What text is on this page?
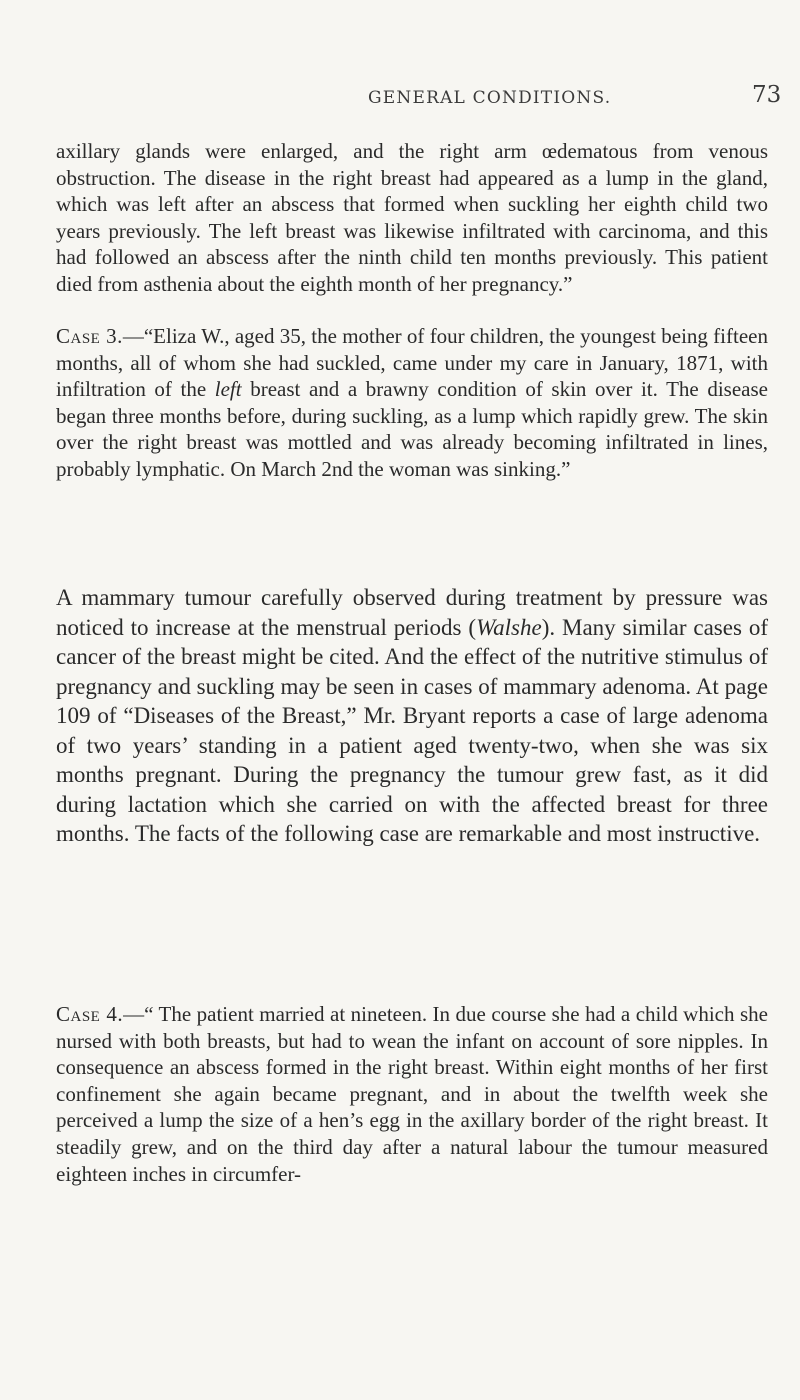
GENERAL CONDITIONS.	73

axillary glands were enlarged, and the right arm œdematous from venous obstruction. The disease in the right breast had appeared as a lump in the gland, which was left after an abscess that formed when suckling her eighth child two years previously. The left breast was likewise infiltrated with carcinoma, and this had followed an abscess after the ninth child ten months previously. This patient died from asthenia about the eighth month of her pregnancy.”

Case 3.—“Eliza W., aged 35, the mother of four children, the youngest being fifteen months, all of whom she had suckled, came under my care in January, 1871, with infiltration of the left breast and a brawny condition of skin over it. The disease began three months before, during suckling, as a lump which rapidly grew. The skin over the right breast was mottled and was already becoming infiltrated in lines, probably lymphatic. On March 2nd the woman was sinking.”

A mammary tumour carefully observed during treatment by pressure was noticed to increase at the menstrual periods (Walshe). Many similar cases of cancer of the breast might be cited. And the effect of the nutritive stimulus of pregnancy and suckling may be seen in cases of mammary adenoma. At page 109 of “Diseases of the Breast,” Mr. Bryant reports a case of large adenoma of two years’ standing in a patient aged twenty-two, when she was six months pregnant. During the pregnancy the tumour grew fast, as it did during lactation which she carried on with the affected breast for three months. The facts of the following case are remarkable and most instructive.

Case 4.—“ The patient married at nineteen. In due course she had a child which she nursed with both breasts, but had to wean the infant on account of sore nipples. In consequence an abscess formed in the right breast. Within eight months of her first confinement she again became pregnant, and in about the twelfth week she perceived a lump the size of a hen’s egg in the axillary border of the right breast. It steadily grew, and on the third day after a natural labour the tumour measured eighteen inches in circumfer-
